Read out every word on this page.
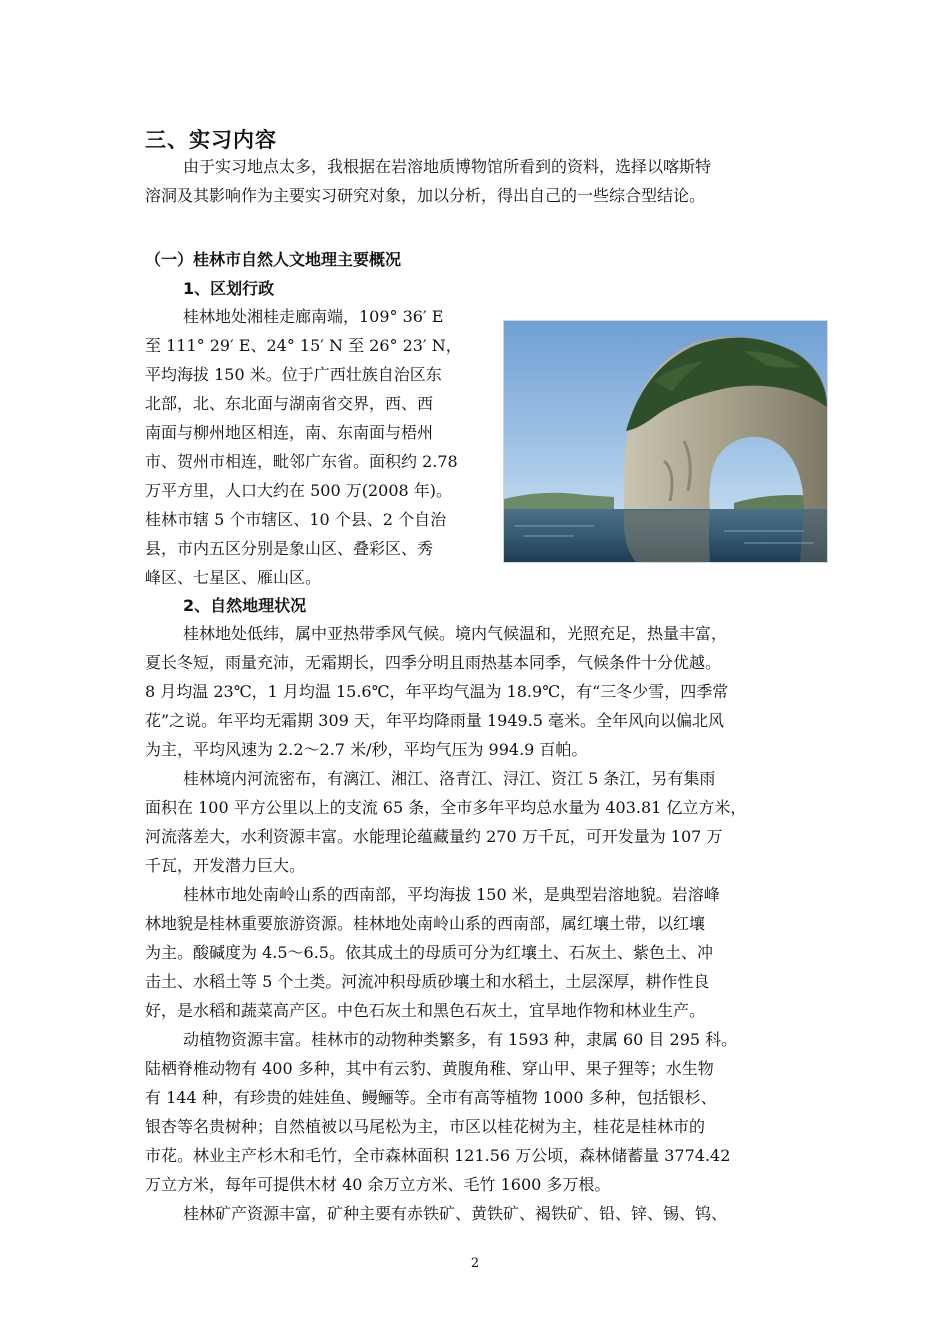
三、实习内容
由于实习地点太多，我根据在岩溶地质博物馆所看到的资料，选择以喀斯特
溶洞及其影响作为主要实习研究对象，加以分析，得出自己的一些综合型结论。
（一）桂林市自然人文地理主要概况
1、区划行政
桂林地处湘桂走廊南端，109° 36′ E
至 111° 29′ E、24° 15′ N 至 26° 23′ N，
平均海拔 150 米。位于广西壮族自治区东
北部，北、东北面与湖南省交界，西、西
南面与柳州地区相连，南、东南面与梧州
市、贺州市相连，毗邻广东省。面积约 2.78
万平方里，人口大约在 500 万(2008 年)。
桂林市辖 5 个市辖区、10 个县、2 个自治
县，市内五区分别是象山区、叠彩区、秀
峰区、七星区、雁山区。
2、自然地理状况
桂林地处低纬，属中亚热带季风气候。境内气候温和，光照充足，热量丰富，
夏长冬短，雨量充沛，无霜期长，四季分明且雨热基本同季，气候条件十分优越。
8 月均温 23℃，1 月均温 15.6℃，年平均气温为 18.9℃，有“三冬少雪，四季常
花”之说。年平均无霜期 309 天，年平均降雨量 1949.5 毫米。全年风向以偏北风
为主，平均风速为 2.2～2.7 米/秒，平均气压为 994.9 百帕。
桂林境内河流密布，有漓江、湘江、洛青江、浔江、资江 5 条江，另有集雨
面积在 100 平方公里以上的支流 65 条，全市多年平均总水量为 403.81 亿立方米，
河流落差大，水利资源丰富。水能理论蕴藏量约 270 万千瓦，可开发量为 107 万
千瓦，开发潜力巨大。
桂林市地处南岭山系的西南部，平均海拔 150 米，是典型岩溶地貌。岩溶峰
林地貌是桂林重要旅游资源。桂林地处南岭山系的西南部，属红壤土带，以红壤
为主。酸碱度为 4.5～6.5。依其成土的母质可分为红壤土、石灰土、紫色土、冲
击土、水稻土等 5 个土类。河流冲积母质砂壤土和水稻土，土层深厚，耕作性良
好，是水稻和蔬菜高产区。中色石灰土和黑色石灰土，宜旱地作物和林业生产。
动植物资源丰富。桂林市的动物种类繁多，有 1593 种，隶属 60 目 295 科。
陆栖脊椎动物有 400 多种，其中有云豹、黄腹角稚、穿山甲、果子狸等；水生物
有 144 种，有珍贵的娃娃鱼、鳗鲡等。全市有高等植物 1000 多种，包括银杉、
银杏等名贵树种；自然植被以马尾松为主，市区以桂花树为主，桂花是桂林市的
市花。林业主产杉木和毛竹，全市森林面积 121.56 万公顷，森林储蓄量 3774.42
万立方米，每年可提供木材 40 余万立方米、毛竹 1600 多万根。
桂林矿产资源丰富，矿种主要有赤铁矿、黄铁矿、褐铁矿、铅、锌、锡、钨、
2
